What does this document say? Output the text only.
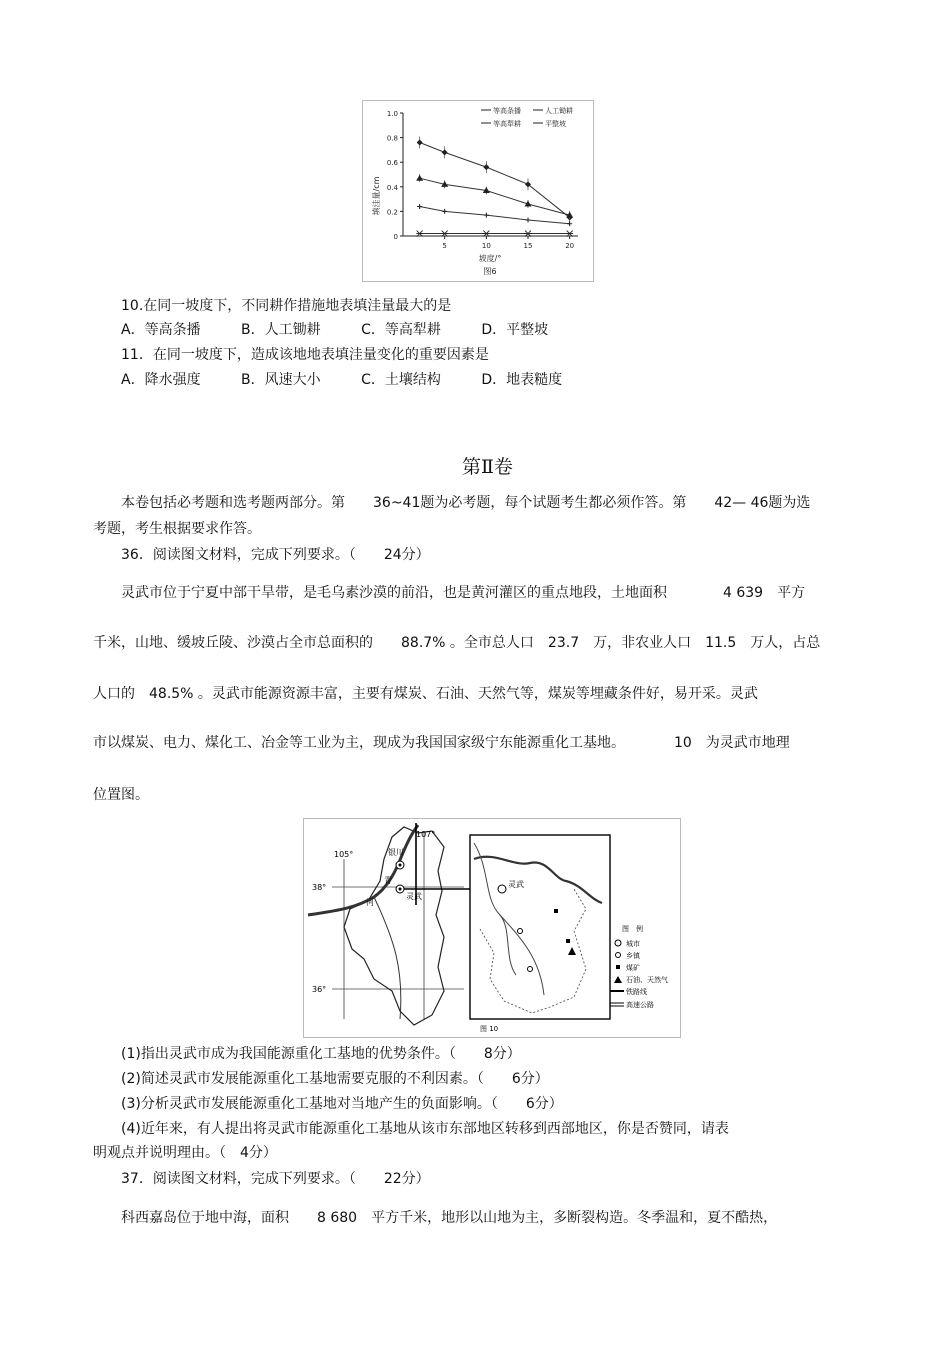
0
0.2
0.4
0.6
0.8
1.0
5	10	15	20
等高条播	人工锄耕
等高犁耕	平整坡
填洼量/cm
坡度/°
图6
10.在同一坡度下，不同耕作措施地表填洼量最大的是
A．等高条播	B．人工锄耕	C．等高犁耕	D．平整坡
11．在同一坡度下，造成该地地表填洼量变化的重要因素是
A．降水强度	B．风速大小	C．土壤结构	D．地表糙度
第Ⅱ卷
本卷包括必考题和选考题两部分。第　　36~41题为必考题，每个试题考生都必须作答。第　　42— 46题为选
考题，考生根据要求作答。
36．阅读图文材料，完成下列要求。（　　24分）
灵武市位于宁夏中部干旱带，是毛乌素沙漠的前沿，也是黄河灌区的重点地段，土地面积　　　　4 639　平方
千米，山地、缓坡丘陵、沙漠占全市总面积的　　88.7% 。全市总人口　23.7　万，非农业人口　11.5　万人，占总
人口的　48.5% 。灵武市能源资源丰富，主要有煤炭、石油、天然气等，煤炭等埋藏条件好，易开采。灵武
市以煤炭、电力、煤化工、冶金等工业为主，现成为我国国家级宁东能源重化工基地。　　　　10　为灵武市地理
位置图。
107°
105°
38°
36°
银川
灵武
青
河
灵武
图　例
城市
乡镇
煤矿
石油、天然气
铁路线
高速公路
图 10
(1)指出灵武市成为我国能源重化工基地的优势条件。（　　8分）
(2)简述灵武市发展能源重化工基地需要克服的不利因素。（　　6分）
(3)分析灵武市发展能源重化工基地对当地产生的负面影响。（　　6分）
(4)近年来，有人提出将灵武市能源重化工基地从该市东部地区转移到西部地区，你是否赞同，请表
明观点并说明理由。（　4分）
37．阅读图文材料，完成下列要求。（　　22分）
科西嘉岛位于地中海，面积　　8 680　平方千米，地形以山地为主，多断裂构造。冬季温和，夏不酷热，
